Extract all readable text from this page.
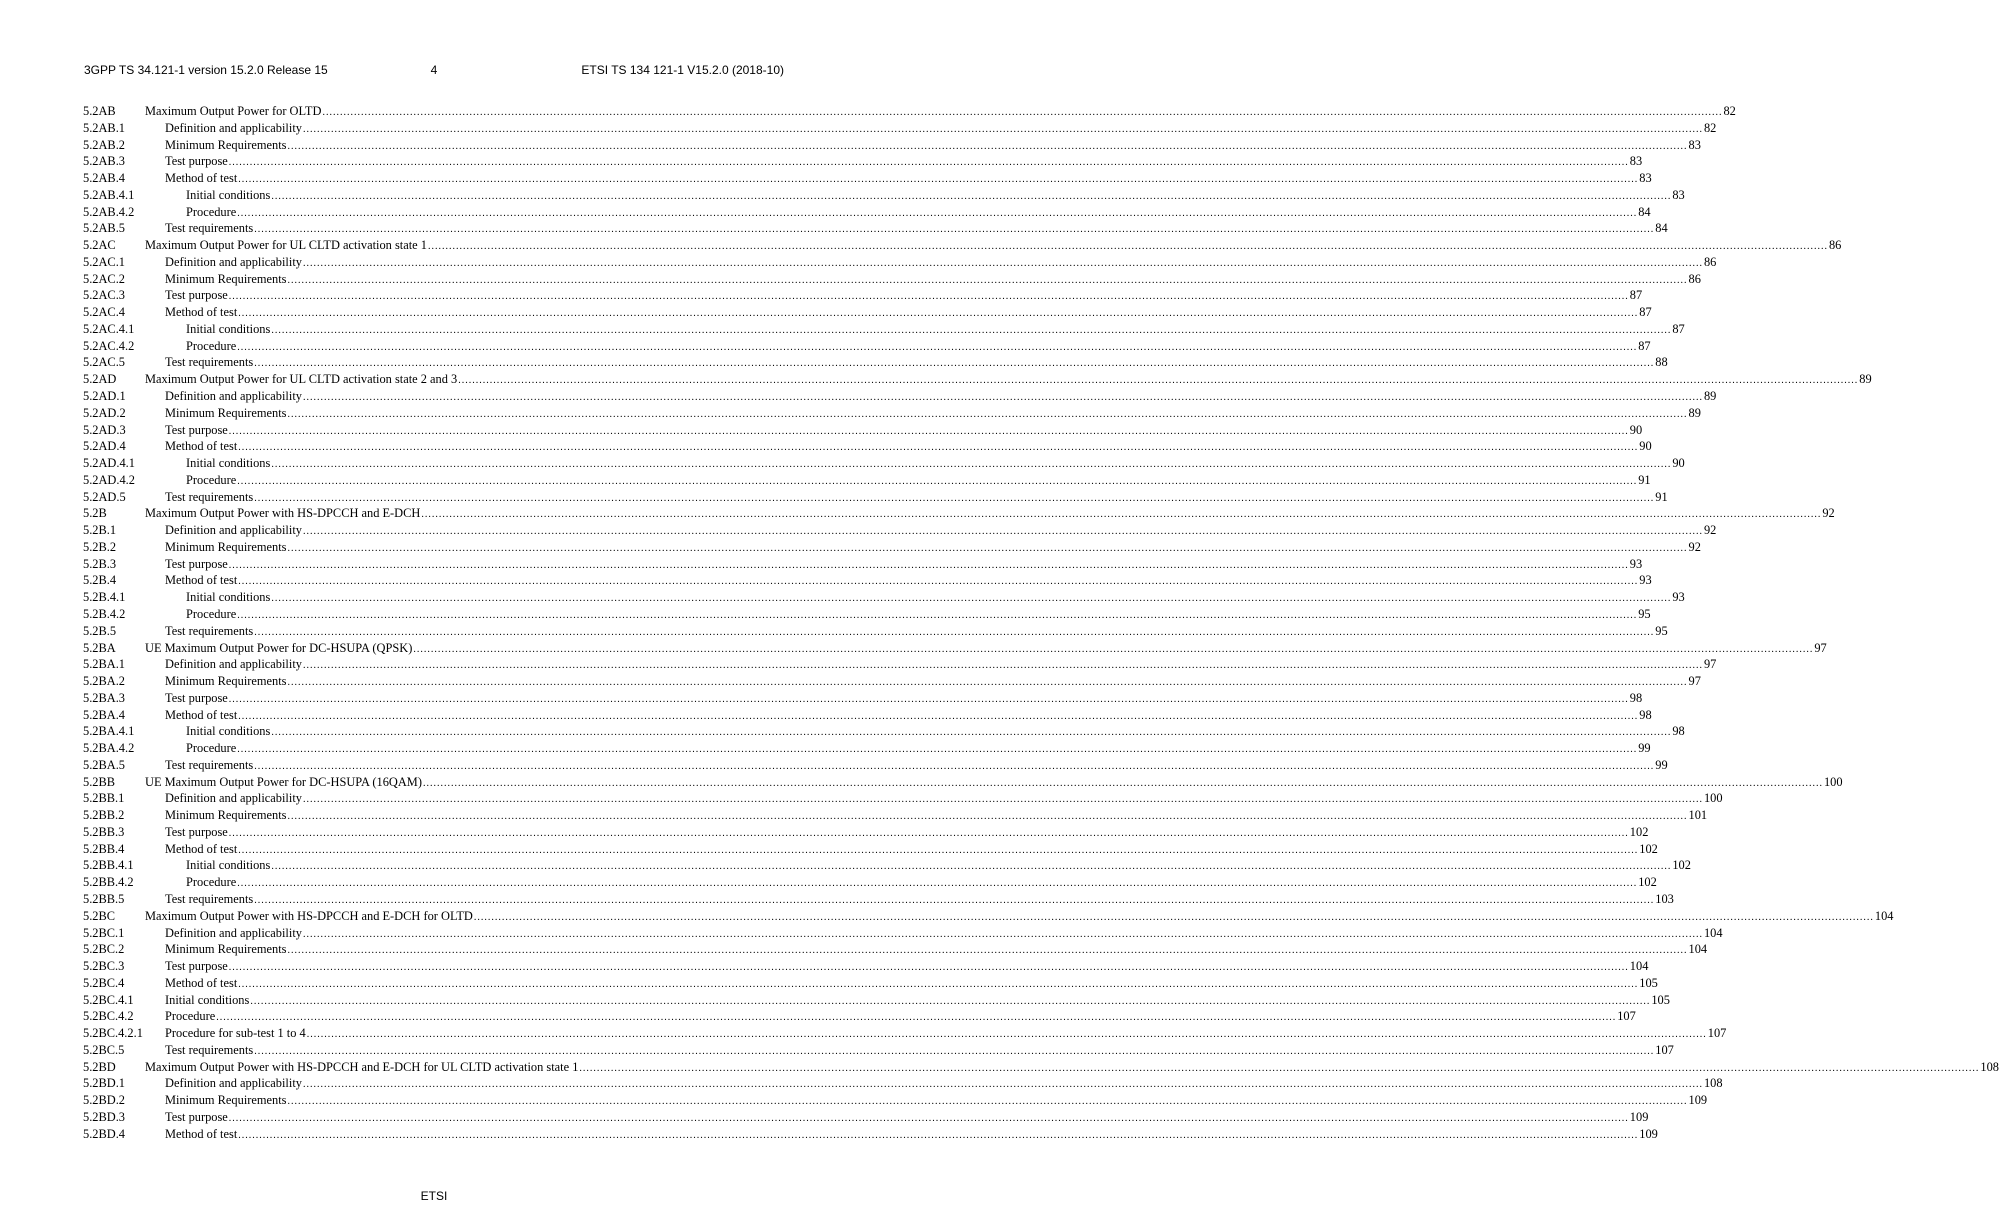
3GPP TS 34.121-1 version 15.2.0 Release 15	4	ETSI TS 134 121-1 V15.2.0 (2018-10)
5.2AB	Maximum Output Power for OLTD ................................................................................................................................................................................................................................................................................................................................................................................................................ 82
5.2AB.1	Definition and applicability ................................................................................................................................................................................................................................................................................................................................................................................................................ 82
5.2AB.2	Minimum Requirements ................................................................................................................................................................................................................................................................................................................................................................................................................ 83
5.2AB.3	Test purpose ................................................................................................................................................................................................................................................................................................................................................................................................................ 83
5.2AB.4	Method of test ................................................................................................................................................................................................................................................................................................................................................................................................................ 83
5.2AB.4.1	Initial conditions ................................................................................................................................................................................................................................................................................................................................................................................................................ 83
5.2AB.4.2	Procedure ................................................................................................................................................................................................................................................................................................................................................................................................................ 84
5.2AB.5	Test requirements ................................................................................................................................................................................................................................................................................................................................................................................................................ 84
5.2AC	Maximum Output Power for UL CLTD activation state 1 ................................................................................................................................................................................................................................................................................................................................................................................................................ 86
5.2AC.1	Definition and applicability ................................................................................................................................................................................................................................................................................................................................................................................................................ 86
5.2AC.2	Minimum Requirements ................................................................................................................................................................................................................................................................................................................................................................................................................ 86
5.2AC.3	Test purpose ................................................................................................................................................................................................................................................................................................................................................................................................................ 87
5.2AC.4	Method of test ................................................................................................................................................................................................................................................................................................................................................................................................................ 87
5.2AC.4.1	Initial conditions ................................................................................................................................................................................................................................................................................................................................................................................................................ 87
5.2AC.4.2	Procedure ................................................................................................................................................................................................................................................................................................................................................................................................................ 87
5.2AC.5	Test requirements ................................................................................................................................................................................................................................................................................................................................................................................................................ 88
5.2AD	Maximum Output Power for UL CLTD activation state 2 and 3 ................................................................................................................................................................................................................................................................................................................................................................................................................ 89
5.2AD.1	Definition and applicability ................................................................................................................................................................................................................................................................................................................................................................................................................ 89
5.2AD.2	Minimum Requirements ................................................................................................................................................................................................................................................................................................................................................................................................................ 89
5.2AD.3	Test purpose ................................................................................................................................................................................................................................................................................................................................................................................................................ 90
5.2AD.4	Method of test ................................................................................................................................................................................................................................................................................................................................................................................................................ 90
5.2AD.4.1	Initial conditions ................................................................................................................................................................................................................................................................................................................................................................................................................ 90
5.2AD.4.2	Procedure ................................................................................................................................................................................................................................................................................................................................................................................................................ 91
5.2AD.5	Test requirements ................................................................................................................................................................................................................................................................................................................................................................................................................ 91
5.2B	Maximum Output Power with HS-DPCCH and E-DCH ................................................................................................................................................................................................................................................................................................................................................................................................................ 92
5.2B.1	Definition and applicability ................................................................................................................................................................................................................................................................................................................................................................................................................ 92
5.2B.2	Minimum Requirements ................................................................................................................................................................................................................................................................................................................................................................................................................ 92
5.2B.3	Test purpose ................................................................................................................................................................................................................................................................................................................................................................................................................ 93
5.2B.4	Method of test ................................................................................................................................................................................................................................................................................................................................................................................................................ 93
5.2B.4.1	Initial conditions ................................................................................................................................................................................................................................................................................................................................................................................................................ 93
5.2B.4.2	Procedure ................................................................................................................................................................................................................................................................................................................................................................................................................ 95
5.2B.5	Test requirements ................................................................................................................................................................................................................................................................................................................................................................................................................ 95
5.2BA	UE Maximum Output Power for DC-HSUPA (QPSK) ................................................................................................................................................................................................................................................................................................................................................................................................................ 97
5.2BA.1	Definition and applicability ................................................................................................................................................................................................................................................................................................................................................................................................................ 97
5.2BA.2	Minimum Requirements ................................................................................................................................................................................................................................................................................................................................................................................................................ 97
5.2BA.3	Test purpose ................................................................................................................................................................................................................................................................................................................................................................................................................ 98
5.2BA.4	Method of test ................................................................................................................................................................................................................................................................................................................................................................................................................ 98
5.2BA.4.1	Initial conditions ................................................................................................................................................................................................................................................................................................................................................................................................................ 98
5.2BA.4.2	Procedure ................................................................................................................................................................................................................................................................................................................................................................................................................ 99
5.2BA.5	Test requirements ................................................................................................................................................................................................................................................................................................................................................................................................................ 99
5.2BB	UE Maximum Output Power for DC-HSUPA (16QAM) ................................................................................................................................................................................................................................................................................................................................................................................................................ 100
5.2BB.1	Definition and applicability ................................................................................................................................................................................................................................................................................................................................................................................................................ 100
5.2BB.2	Minimum Requirements ................................................................................................................................................................................................................................................................................................................................................................................................................ 101
5.2BB.3	Test purpose ................................................................................................................................................................................................................................................................................................................................................................................................................ 102
5.2BB.4	Method of test ................................................................................................................................................................................................................................................................................................................................................................................................................ 102
5.2BB.4.1	Initial conditions ................................................................................................................................................................................................................................................................................................................................................................................................................ 102
5.2BB.4.2	Procedure ................................................................................................................................................................................................................................................................................................................................................................................................................ 102
5.2BB.5	Test requirements ................................................................................................................................................................................................................................................................................................................................................................................................................ 103
5.2BC	Maximum Output Power with HS-DPCCH and E-DCH for OLTD ................................................................................................................................................................................................................................................................................................................................................................................................................ 104
5.2BC.1	Definition and applicability ................................................................................................................................................................................................................................................................................................................................................................................................................ 104
5.2BC.2	Minimum Requirements ................................................................................................................................................................................................................................................................................................................................................................................................................ 104
5.2BC.3	Test purpose ................................................................................................................................................................................................................................................................................................................................................................................................................ 104
5.2BC.4	Method of test ................................................................................................................................................................................................................................................................................................................................................................................................................ 105
5.2BC.4.1	Initial conditions ................................................................................................................................................................................................................................................................................................................................................................................................................ 105
5.2BC.4.2	Procedure ................................................................................................................................................................................................................................................................................................................................................................................................................ 107
5.2BC.4.2.1	Procedure for sub-test 1 to 4 ................................................................................................................................................................................................................................................................................................................................................................................................................ 107
5.2BC.5	Test requirements ................................................................................................................................................................................................................................................................................................................................................................................................................ 107
5.2BD	Maximum Output Power with HS-DPCCH and E-DCH for UL CLTD activation state 1 ................................................................................................................................................................................................................................................................................................................................................................................................................ 108
5.2BD.1	Definition and applicability ................................................................................................................................................................................................................................................................................................................................................................................................................ 108
5.2BD.2	Minimum Requirements ................................................................................................................................................................................................................................................................................................................................................................................................................ 109
5.2BD.3	Test purpose ................................................................................................................................................................................................................................................................................................................................................................................................................ 109
5.2BD.4	Method of test ................................................................................................................................................................................................................................................................................................................................................................................................................ 109
ETSI
